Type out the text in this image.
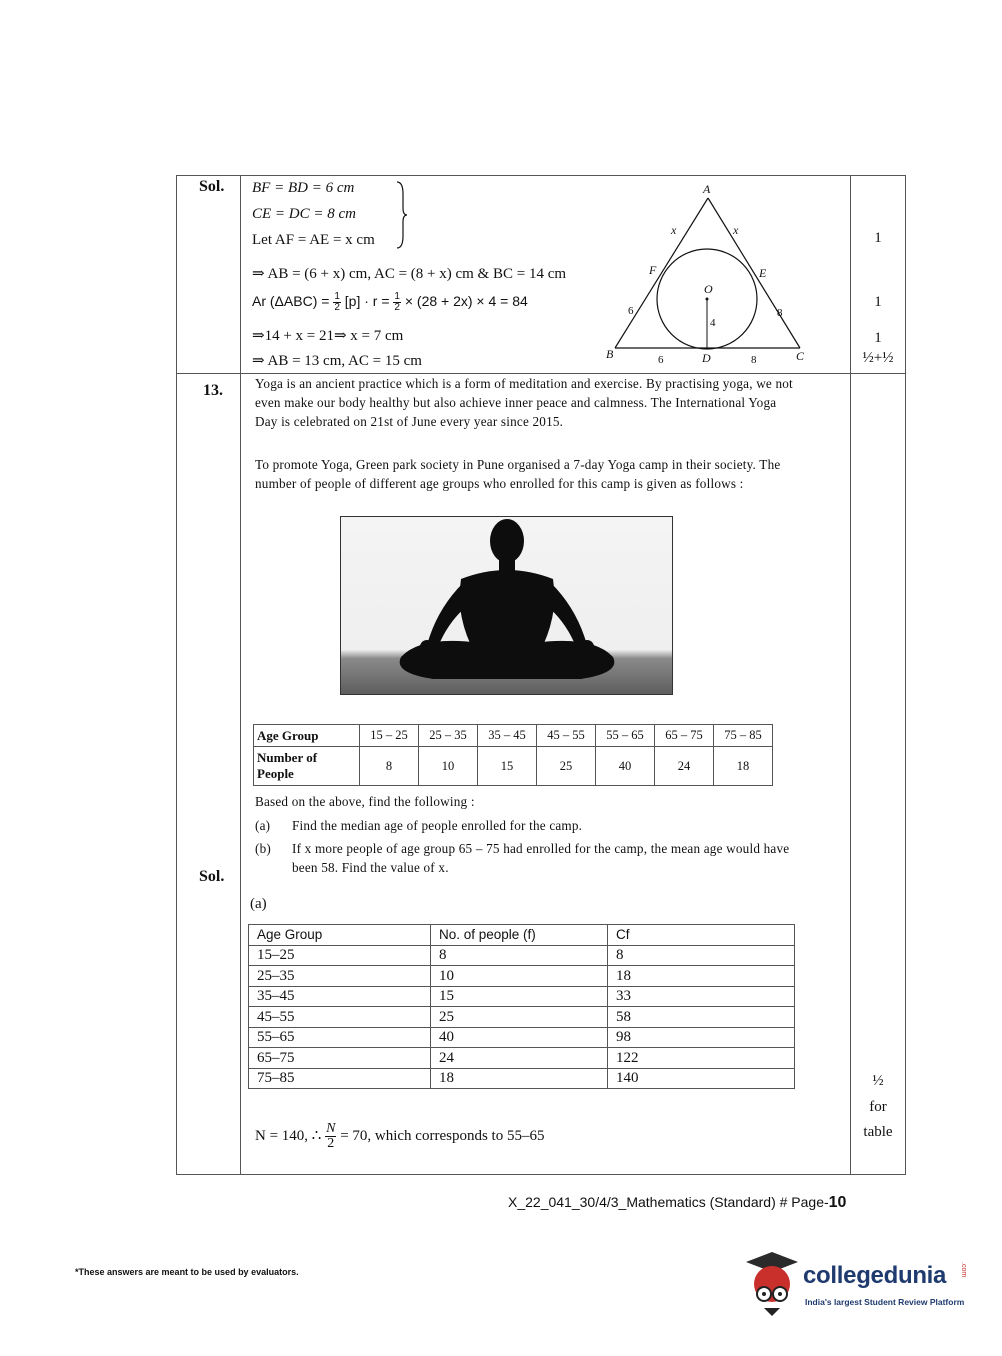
Sol. BF = BD = 6 cm
CE = DC = 8 cm
Let AF = AE = x cm
⇒ AB = (6 + x) cm, AC = (8 + x) cm & BC = 14 cm
Ar $(\Delta ABC) = \frac{1}{2} [p] \cdot r = \frac{1}{2} \times (28 + 2x) \times 4 = 84$
⇒14 + x = 21⇒ x = 7 cm
⇒ AB = 13 cm, AC = 15 cm
A
B	C
D
E
F
O
x	x
6
6
8
8
4
1
1
1
½+½
13. Yoga is an ancient practice which is a form of meditation and exercise. By practising yoga, we not even make our body healthy but also achieve inner peace and calmness. The International Yoga Day is celebrated on 21st of June every year since 2015.
To promote Yoga, Green park society in Pune organised a 7-day Yoga camp in their society. The number of people of different age groups who enrolled for this camp is given as follows :
Age Group	15 – 25	25 – 35	35 – 45	45 – 55	55 – 65	65 – 75	75 – 85
Number of People	8	10	15	25	40	24	18
Based on the above, find the following :
(a)	Find the median age of people enrolled for the camp.
(b)	If x more people of age group 65 – 75 had enrolled for the camp, the mean age would have been 58. Find the value of x.
Sol.
(a)
Age Group	No. of people (f)	Cf
15–25	8	8
25–35	10	18
35–45	15	33
45–55	25	58
55–65	40	98
65–75	24	122
75–85	18	140	½
for
table
N = 140, ∴ $\frac{N}{2} = 70$, which corresponds to 55–65
X_22_041_30/4/3_Mathematics (Standard) # Page-10
*These answers are meant to be used by evaluators.	collegedunia .com
India's largest Student Review Platform
